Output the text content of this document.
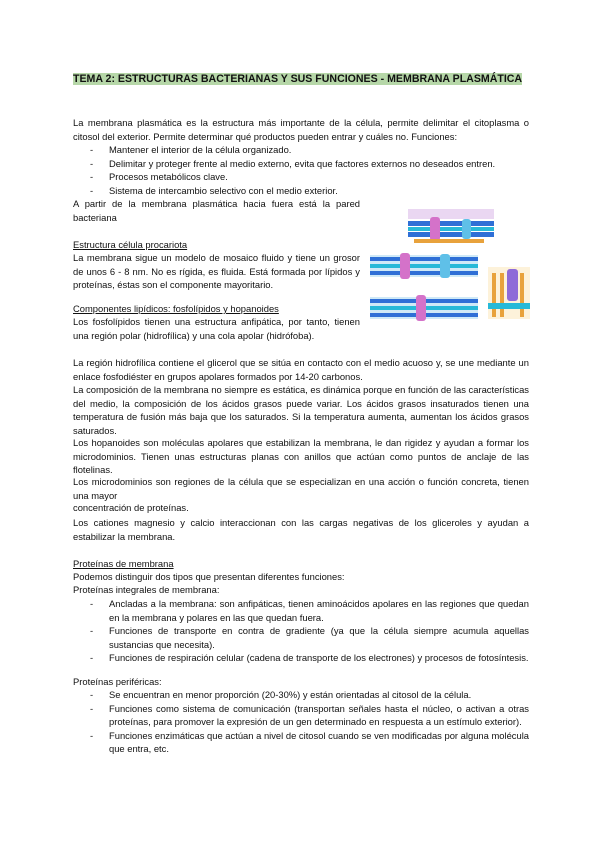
TEMA 2: ESTRUCTURAS BACTERIANAS Y SUS FUNCIONES - MEMBRANA PLASMÁTICA
La membrana plasmática es la estructura más importante de la célula, permite delimitar el citoplasma o citosol del exterior. Permite determinar qué productos pueden entrar y cuáles no. Funciones:
- Mantener el interior de la célula organizado.
- Delimitar y proteger frente al medio externo, evita que factores externos no deseados entren.
- Procesos metabólicos clave.
- Sistema de intercambio selectivo con el medio exterior.
A partir de la membrana plasmática hacia fuera está la pared bacteriana
Estructura célula procariota
La membrana sigue un modelo de mosaico fluido y tiene un grosor de unos 6 - 8 nm. No es rígida, es fluida. Está formada por lípidos y proteínas, éstas son el componente mayoritario.
Componentes lipídicos: fosfolípidos y hopanoides
Los fosfolípidos tienen una estructura anfipática, por tanto, tienen una región polar (hidrofílica) y una cola apolar (hidrófoba).
La región hidrofílica contiene el glicerol que se sitúa en contacto con el medio acuoso y, se une mediante un enlace fosfodiéster en grupos apolares formados por 14-20 carbonos.
La composición de la membrana no siempre es estática, es dinámica porque en función de las características del medio, la composición de los ácidos grasos puede variar. Los ácidos grasos insaturados tienen una temperatura de fusión más baja que los saturados. Si la temperatura aumenta, aumentan los ácidos grasos saturados.
Los hopanoides son moléculas apolares que estabilizan la membrana, le dan rigidez y ayudan a formar los microdominios. Tienen unas estructuras planas con anillos que actúan como puntos de anclaje de las flotelinas.
Los microdominios son regiones de la célula que se especializan en una acción o función concreta, tienen una mayor
concentración de proteínas.
Los cationes magnesio y calcio interaccionan con las cargas negativas de los gliceroles y ayudan a estabilizar la membrana.
Proteínas de membrana
Podemos distinguir dos tipos que presentan diferentes funciones:
Proteínas integrales de membrana:
- Ancladas a la membrana: son anfipáticas, tienen aminoácidos apolares en las regiones que quedan en la membrana y polares en las que quedan fuera.
- Funciones de transporte en contra de gradiente (ya que la célula siempre acumula aquellas sustancias que necesita).
- Funciones de respiración celular (cadena de transporte de los electrones) y procesos de fotosíntesis.
Proteínas periféricas:
- Se encuentran en menor proporción (20-30%) y están orientadas al citosol de la célula.
- Funciones como sistema de comunicación (transportan señales hasta el núcleo, o activan a otras proteínas, para promover la expresión de un gen determinado en respuesta a un estímulo exterior).
- Funciones enzimáticas que actúan a nivel de citosol cuando se ven modificadas por alguna molécula que entra, etc.
